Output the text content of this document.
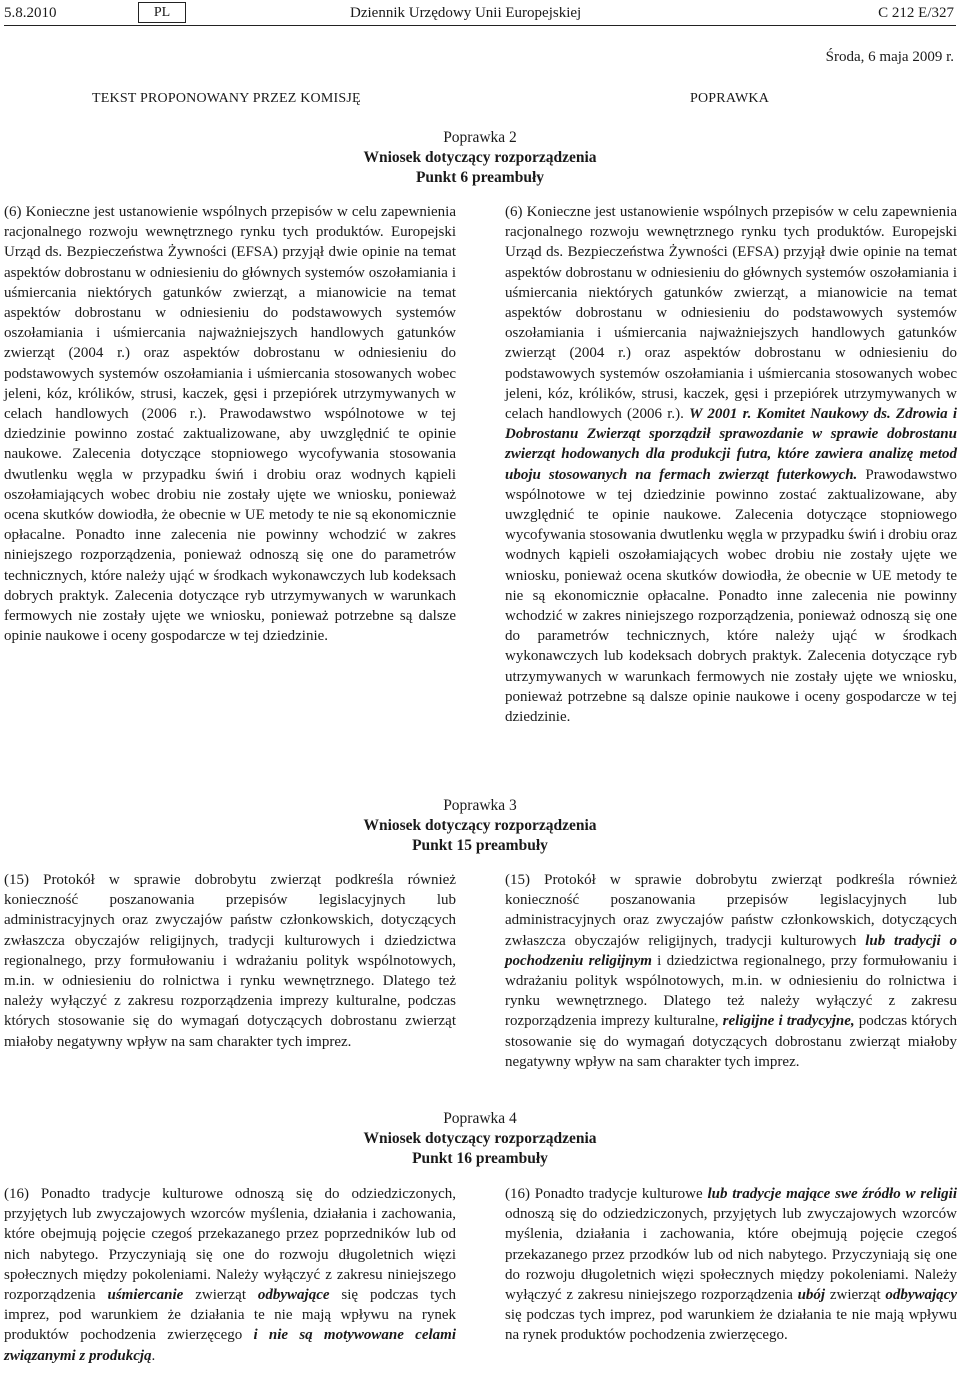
5.8.2010	PL	Dziennik Urzędowy Unii Europejskiej	C 212 E/327
Środa, 6 maja 2009 r.
TEKST PROPONOWANY PRZEZ KOMISJĘ	POPRAWKA
Poprawka 2
Wniosek dotyczący rozporządzenia
Punkt 6 preambuły

(6) Konieczne jest ustanowienie wspólnych przepisów w celu zapewnienia racjonalnego rozwoju wewnętrznego rynku tych produktów. Europejski Urząd ds. Bezpieczeństwa Żywności (EFSA) przyjął dwie opinie na temat aspektów dobrostanu w odniesieniu do głównych systemów oszołamiania i uśmiercania niektórych gatunków zwierząt, a mianowicie na temat aspektów dobrostanu w odniesieniu do podstawowych systemów oszołamiania i uśmiercania najważniejszych handlowych gatunków zwierząt (2004 r.) oraz aspektów dobrostanu w odniesieniu do podstawowych systemów oszołamiania i uśmiercania stosowanych wobec jeleni, kóz, królików, strusi, kaczek, gęsi i przepiórek utrzymywanych w celach handlowych (2006 r.). Prawodawstwo wspólnotowe w tej dziedzinie powinno zostać zaktualizowane, aby uwzględnić te opinie naukowe. Zalecenia dotyczące stopniowego wycofywania stosowania dwutlenku węgla w przypadku świń i drobiu oraz wodnych kąpieli oszołamiających wobec drobiu nie zostały ujęte we wniosku, ponieważ ocena skutków dowiodła, że obecnie w UE metody te nie są ekonomicznie opłacalne. Ponadto inne zalecenia nie powinny wchodzić w zakres niniejszego rozporządzenia, ponieważ odnoszą się one do parametrów technicznych, które należy ująć w środkach wykonawczych lub kodeksach dobrych praktyk. Zalecenia dotyczące ryb utrzymywanych w warunkach fermowych nie zostały ujęte we wniosku, ponieważ potrzebne są dalsze opinie naukowe i oceny gospodarcze w tej dziedzinie.

(6) Konieczne jest ustanowienie wspólnych przepisów w celu zapewnienia racjonalnego rozwoju wewnętrznego rynku tych produktów. Europejski Urząd ds. Bezpieczeństwa Żywności (EFSA) przyjął dwie opinie na temat aspektów dobrostanu w odniesieniu do głównych systemów oszołamiania i uśmiercania niektórych gatunków zwierząt, a mianowicie na temat aspektów dobrostanu w odniesieniu do podstawowych systemów oszołamiania i uśmiercania najważniejszych handlowych gatunków zwierząt (2004 r.) oraz aspektów dobrostanu w odniesieniu do podstawowych systemów oszołamiania i uśmiercania stosowanych wobec jeleni, kóz, królików, strusi, kaczek, gęsi i przepiórek utrzymywanych w celach handlowych (2006 r.). W 2001 r. Komitet Naukowy ds. Zdrowia i Dobrostanu Zwierząt sporządził sprawozdanie w sprawie dobrostanu zwierząt hodowanych dla produkcji futra, które zawiera analizę metod uboju stosowanych na fermach zwierząt futerkowych. Prawodawstwo wspólnotowe w tej dziedzinie powinno zostać zaktualizowane, aby uwzględnić te opinie naukowe. Zalecenia dotyczące stopniowego wycofywania stosowania dwutlenku węgla w przypadku świń i drobiu oraz wodnych kąpieli oszołamiających wobec drobiu nie zostały ujęte we wniosku, ponieważ ocena skutków dowiodła, że obecnie w UE metody te nie są ekonomicznie opłacalne. Ponadto inne zalecenia nie powinny wchodzić w zakres niniejszego rozporządzenia, ponieważ odnoszą się one do parametrów technicznych, które należy ująć w środkach wykonawczych lub kodeksach dobrych praktyk. Zalecenia dotyczące ryb utrzymywanych w warunkach fermowych nie zostały ujęte we wniosku, ponieważ potrzebne są dalsze opinie naukowe i oceny gospodarcze w tej dziedzinie.

Poprawka 3
Wniosek dotyczący rozporządzenia
Punkt 15 preambuły

(15) Protokół w sprawie dobrobytu zwierząt podkreśla również konieczność poszanowania przepisów legislacyjnych lub administracyjnych oraz zwyczajów państw członkowskich, dotyczących zwłaszcza obyczajów religijnych, tradycji kulturowych i dziedzictwa regionalnego, przy formułowaniu i wdrażaniu polityk wspólnotowych, m.in. w odniesieniu do rolnictwa i rynku wewnętrznego. Dlatego też należy wyłączyć z zakresu rozporządzenia imprezy kulturalne, podczas których stosowanie się do wymagań dotyczących dobrostanu zwierząt miałoby negatywny wpływ na sam charakter tych imprez.

(15) Protokół w sprawie dobrobytu zwierząt podkreśla również konieczność poszanowania przepisów legislacyjnych lub administracyjnych oraz zwyczajów państw członkowskich, dotyczących zwłaszcza obyczajów religijnych, tradycji kulturowych lub tradycji o pochodzeniu religijnym i dziedzictwa regionalnego, przy formułowaniu i wdrażaniu polityk wspólnotowych, m.in. w odniesieniu do rolnictwa i rynku wewnętrznego. Dlatego też należy wyłączyć z zakresu rozporządzenia imprezy kulturalne, religijne i tradycyjne, podczas których stosowanie się do wymagań dotyczących dobrostanu zwierząt miałoby negatywny wpływ na sam charakter tych imprez.

Poprawka 4
Wniosek dotyczący rozporządzenia
Punkt 16 preambuły

(16) Ponadto tradycje kulturowe odnoszą się do odziedziczonych, przyjętych lub zwyczajowych wzorców myślenia, działania i zachowania, które obejmują pojęcie czegoś przekazanego przez poprzedników lub od nich nabytego. Przyczyniają się one do rozwoju długoletnich więzi społecznych między pokoleniami. Należy wyłączyć z zakresu niniejszego rozporządzenia uśmiercanie zwierząt odbywające się podczas tych imprez, pod warunkiem że działania te nie mają wpływu na rynek produktów pochodzenia zwierzęcego i nie są motywowane celami związanymi z produkcją.

(16) Ponadto tradycje kulturowe lub tradycje mające swe źródło w religii odnoszą się do odziedziczonych, przyjętych lub zwyczajowych wzorców myślenia, działania i zachowania, które obejmują pojęcie czegoś przekazanego przez przodków lub od nich nabytego. Przyczyniają się one do rozwoju długoletnich więzi społecznych między pokoleniami. Należy wyłączyć z zakresu niniejszego rozporządzenia ubój zwierząt odbywający się podczas tych imprez, pod warunkiem że działania te nie mają wpływu na rynek produktów pochodzenia zwierzęcego.
